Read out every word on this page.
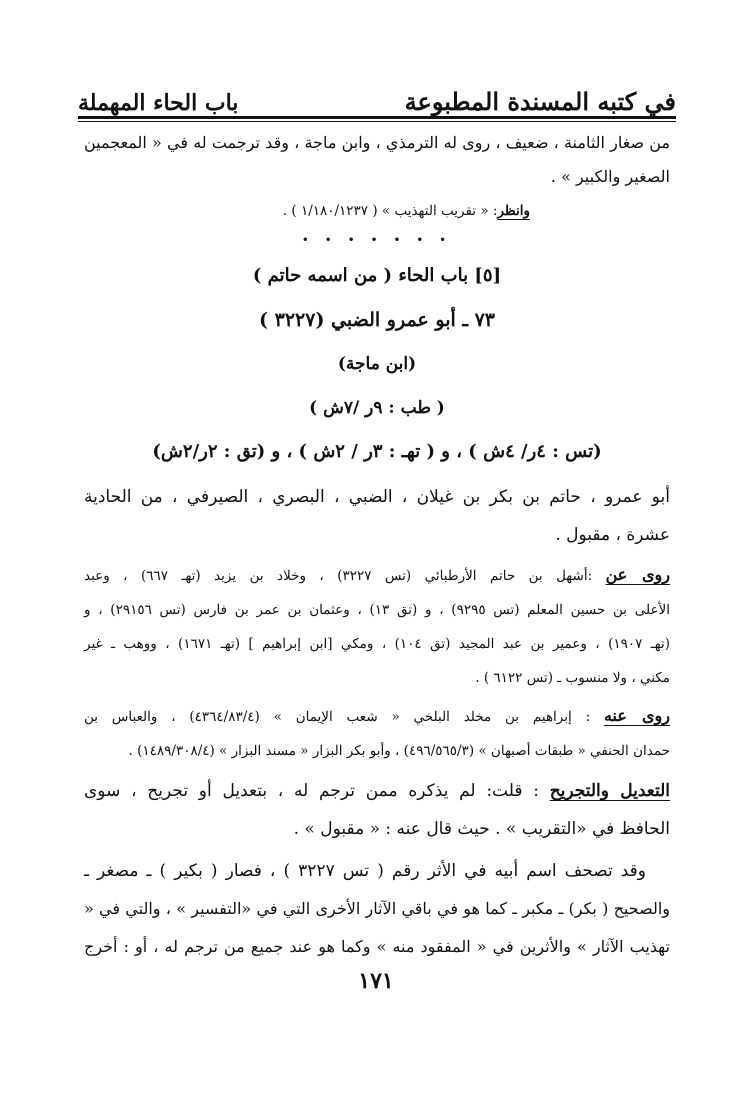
في كتبه المسندة المطبوعة
باب الحاء المهملة
من صغار الثامنة ، ضعيف ، روى له الترمذي ، وابن ماجة ، وقد ترجمت له في « المعجمين
الصغير والكبير » .
وانظر: « تقريب التهذيب » ( ١/١٨٠/١٢٣٧ ) .
• • • • • • •
[٥] باب الحاء ( من اسمه حاتم )
٧٣ ـ أبو عمرو الضبي (٣٢٢٧ )
(ابن ماجة)
( طب : ٩ر /٧ش )
(تس : ٤ر/ ٤ش ) ، و ( تهـ : ٣ر / ٢ش ) ، و (تق : ٢ر/٢ش)
أبو عمرو ، حاتم بن بكر بن غيلان ، الضبي ، البصري ، الصيرفي ، من الحادية
عشرة ، مقبول .
روى عن :أشهل بن حاتم الأرطبائي (تس ٣٢٢٧) ، وخلاد بن يزيد (تهـ ٦٦٧) ، وعبد
الأعلى بن حسين المعلم (تس ٩٢٩٥) ، و (تق ١٣) ، وعثمان بن عمر بن فارس (تس ٢٩١٥٦) ، و
(تهـ ١٩٠٧) ، وعمير بن عبد المجيد (تق ١٠٤) ، ومكي [ابن إبراهيم ] (تهـ ١٦٧١) ، ووهب ـ غير
مكني ، ولا منسوب ـ (تس ٦١٢٢ ) .
روى عنه : إبراهيم بن مخلد البلخي « شعب الإيمان » (٤٣٦٤/٨٣/٤) ، والعباس بن
حمدان الحنفي « طبقات أصبهان » (٤٩٦/٥٦٥/٣) ، وأبو بكر البزار « مسند البزار » (١٤٨٩/٣٠٨/٤) .
التعديل والتجريح : قلت: لم يذكره ممن ترجم له ، بتعديل أو تجريح ، سوى
الحافظ في «التقريب » . حيث قال عنه : « مقبول » .
وقد تصحف اسم أبيه في الأثر رقم ( تس ٣٢٢٧ ) ، فصار ( بكير ) ـ مصغر ـ
والصحيح ( بكر) ـ مكبر ـ كما هو في باقي الآثار الأخرى التي في «التفسير » ، والتي في «
تهذيب الآثار » والأثرين في « المفقود منه » وكما هو عند جميع من ترجم له ، أو : أخرج
١٧١
